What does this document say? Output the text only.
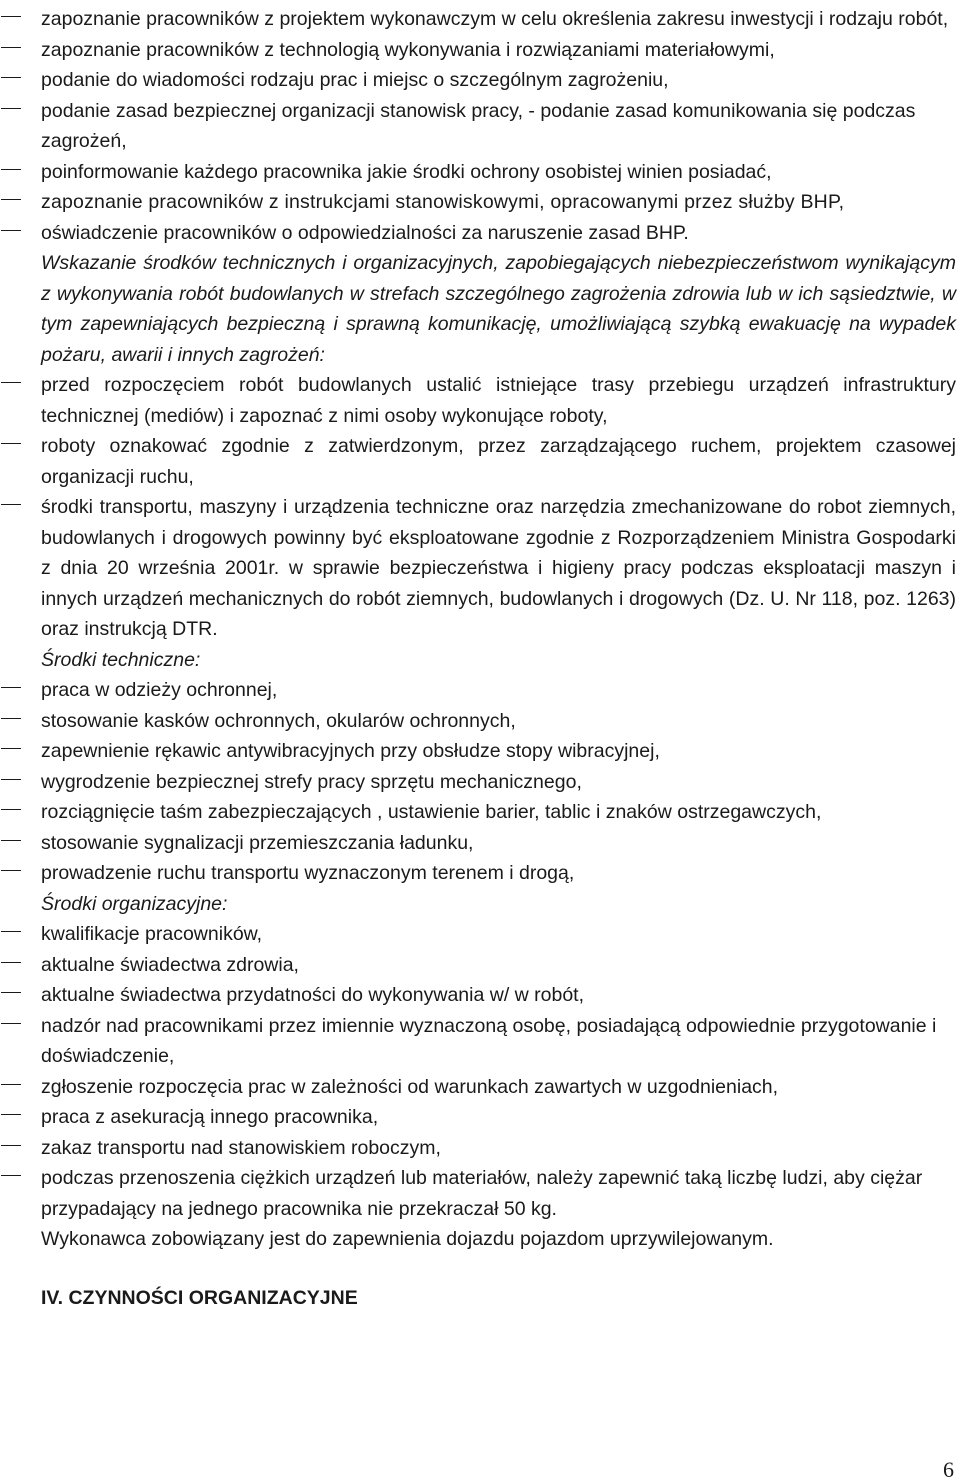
zapoznanie pracowników z projektem wykonawczym w celu określenia zakresu inwestycji i rodzaju robót,
zapoznanie pracowników z technologią wykonywania i rozwiązaniami materiałowymi,
podanie do wiadomości rodzaju prac i miejsc o szczególnym zagrożeniu,
podanie zasad bezpiecznej organizacji stanowisk pracy, - podanie zasad komunikowania się podczas zagrożeń,
poinformowanie każdego pracownika jakie środki ochrony osobistej winien posiadać,
zapoznanie pracowników z instrukcjami stanowiskowymi, opracowanymi przez służby BHP,
oświadczenie pracowników o odpowiedzialności za naruszenie zasad BHP.
Wskazanie środków technicznych i organizacyjnych, zapobiegających niebezpieczeństwom wynikającym z wykonywania robót budowlanych w strefach szczególnego zagrożenia zdrowia lub w ich sąsiedztwie, w tym zapewniających bezpieczną i sprawną komunikację, umożliwiającą szybką ewakuację na wypadek pożaru, awarii i innych zagrożeń:
przed rozpoczęciem robót budowlanych ustalić istniejące trasy przebiegu urządzeń infrastruktury technicznej (mediów) i zapoznać z nimi osoby wykonujące roboty,
roboty oznakować zgodnie z zatwierdzonym, przez zarządzającego ruchem, projektem czasowej organizacji ruchu,
środki transportu, maszyny i urządzenia techniczne oraz narzędzia zmechanizowane do robot ziemnych, budowlanych i drogowych powinny być eksploatowane zgodnie z Rozporządzeniem Ministra Gospodarki z dnia 20 września 2001r. w sprawie bezpieczeństwa i higieny pracy podczas eksploatacji maszyn i innych urządzeń mechanicznych do robót ziemnych, budowlanych i drogowych (Dz. U. Nr 118, poz. 1263) oraz instrukcją DTR.
Środki techniczne:
praca w odzieży ochronnej,
stosowanie kasków ochronnych, okularów ochronnych,
zapewnienie rękawic antywibracyjnych przy obsłudze stopy wibracyjnej,
wygrodzenie bezpiecznej strefy pracy sprzętu mechanicznego,
rozciągnięcie taśm zabezpieczających , ustawienie barier, tablic i znaków ostrzegawczych,
stosowanie sygnalizacji przemieszczania ładunku,
prowadzenie ruchu transportu wyznaczonym terenem i drogą,
Środki organizacyjne:
kwalifikacje pracowników,
aktualne świadectwa zdrowia,
aktualne świadectwa przydatności do wykonywania w/ w robót,
nadzór nad pracownikami przez imiennie wyznaczoną osobę, posiadającą odpowiednie przygotowanie i doświadczenie,
zgłoszenie rozpoczęcia prac w zależności od warunkach zawartych w uzgodnieniach,
praca z asekuracją innego pracownika,
zakaz transportu nad stanowiskiem roboczym,
podczas przenoszenia ciężkich urządzeń lub materiałów, należy zapewnić taką liczbę ludzi, aby ciężar przypadający na jednego pracownika nie przekraczał 50 kg.
Wykonawca zobowiązany jest do zapewnienia dojazdu pojazdom uprzywilejowanym.
IV. CZYNNOŚCI ORGANIZACYJNE
6
